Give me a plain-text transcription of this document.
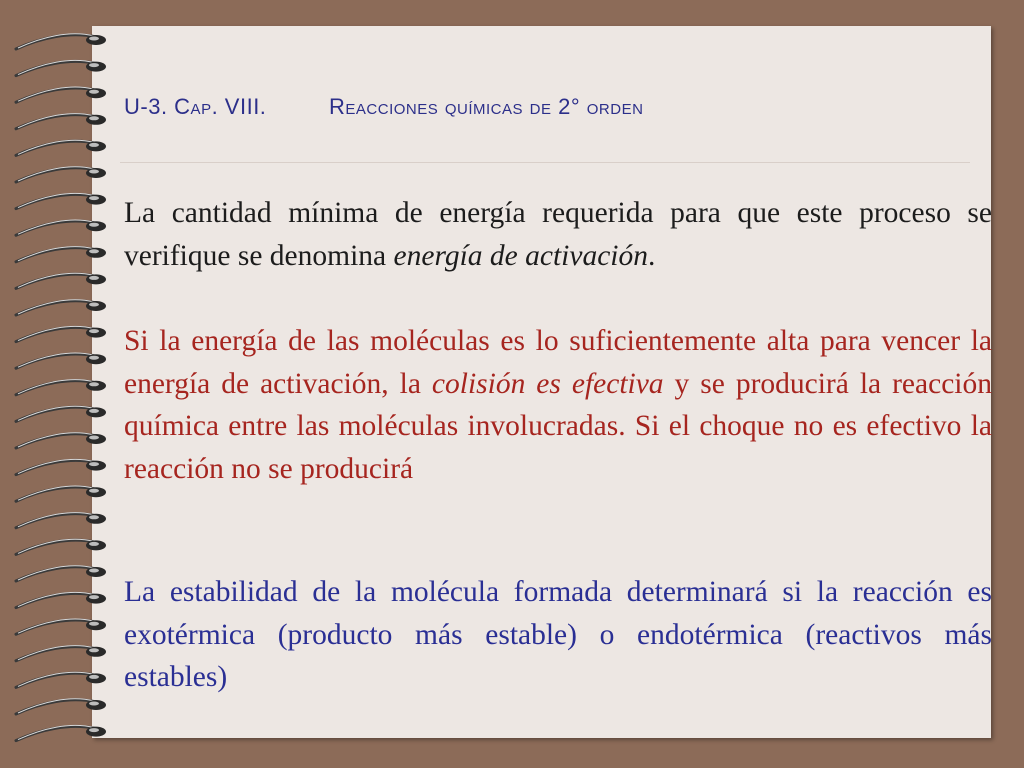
U-3. Cap. VIII.	Reacciones químicas de 2° orden

La cantidad mínima de energía requerida para que este proceso se verifique se denomina energía de activación.

Si la energía de las moléculas es lo suficientemente alta para vencer la energía de activación, la colisión es efectiva y se producirá la reacción química entre las moléculas involucradas. Si el choque no es efectivo la reacción no se producirá

La estabilidad de la molécula formada determinará si la reacción es exotérmica (producto más estable) o endotérmica (reactivos más estables)
